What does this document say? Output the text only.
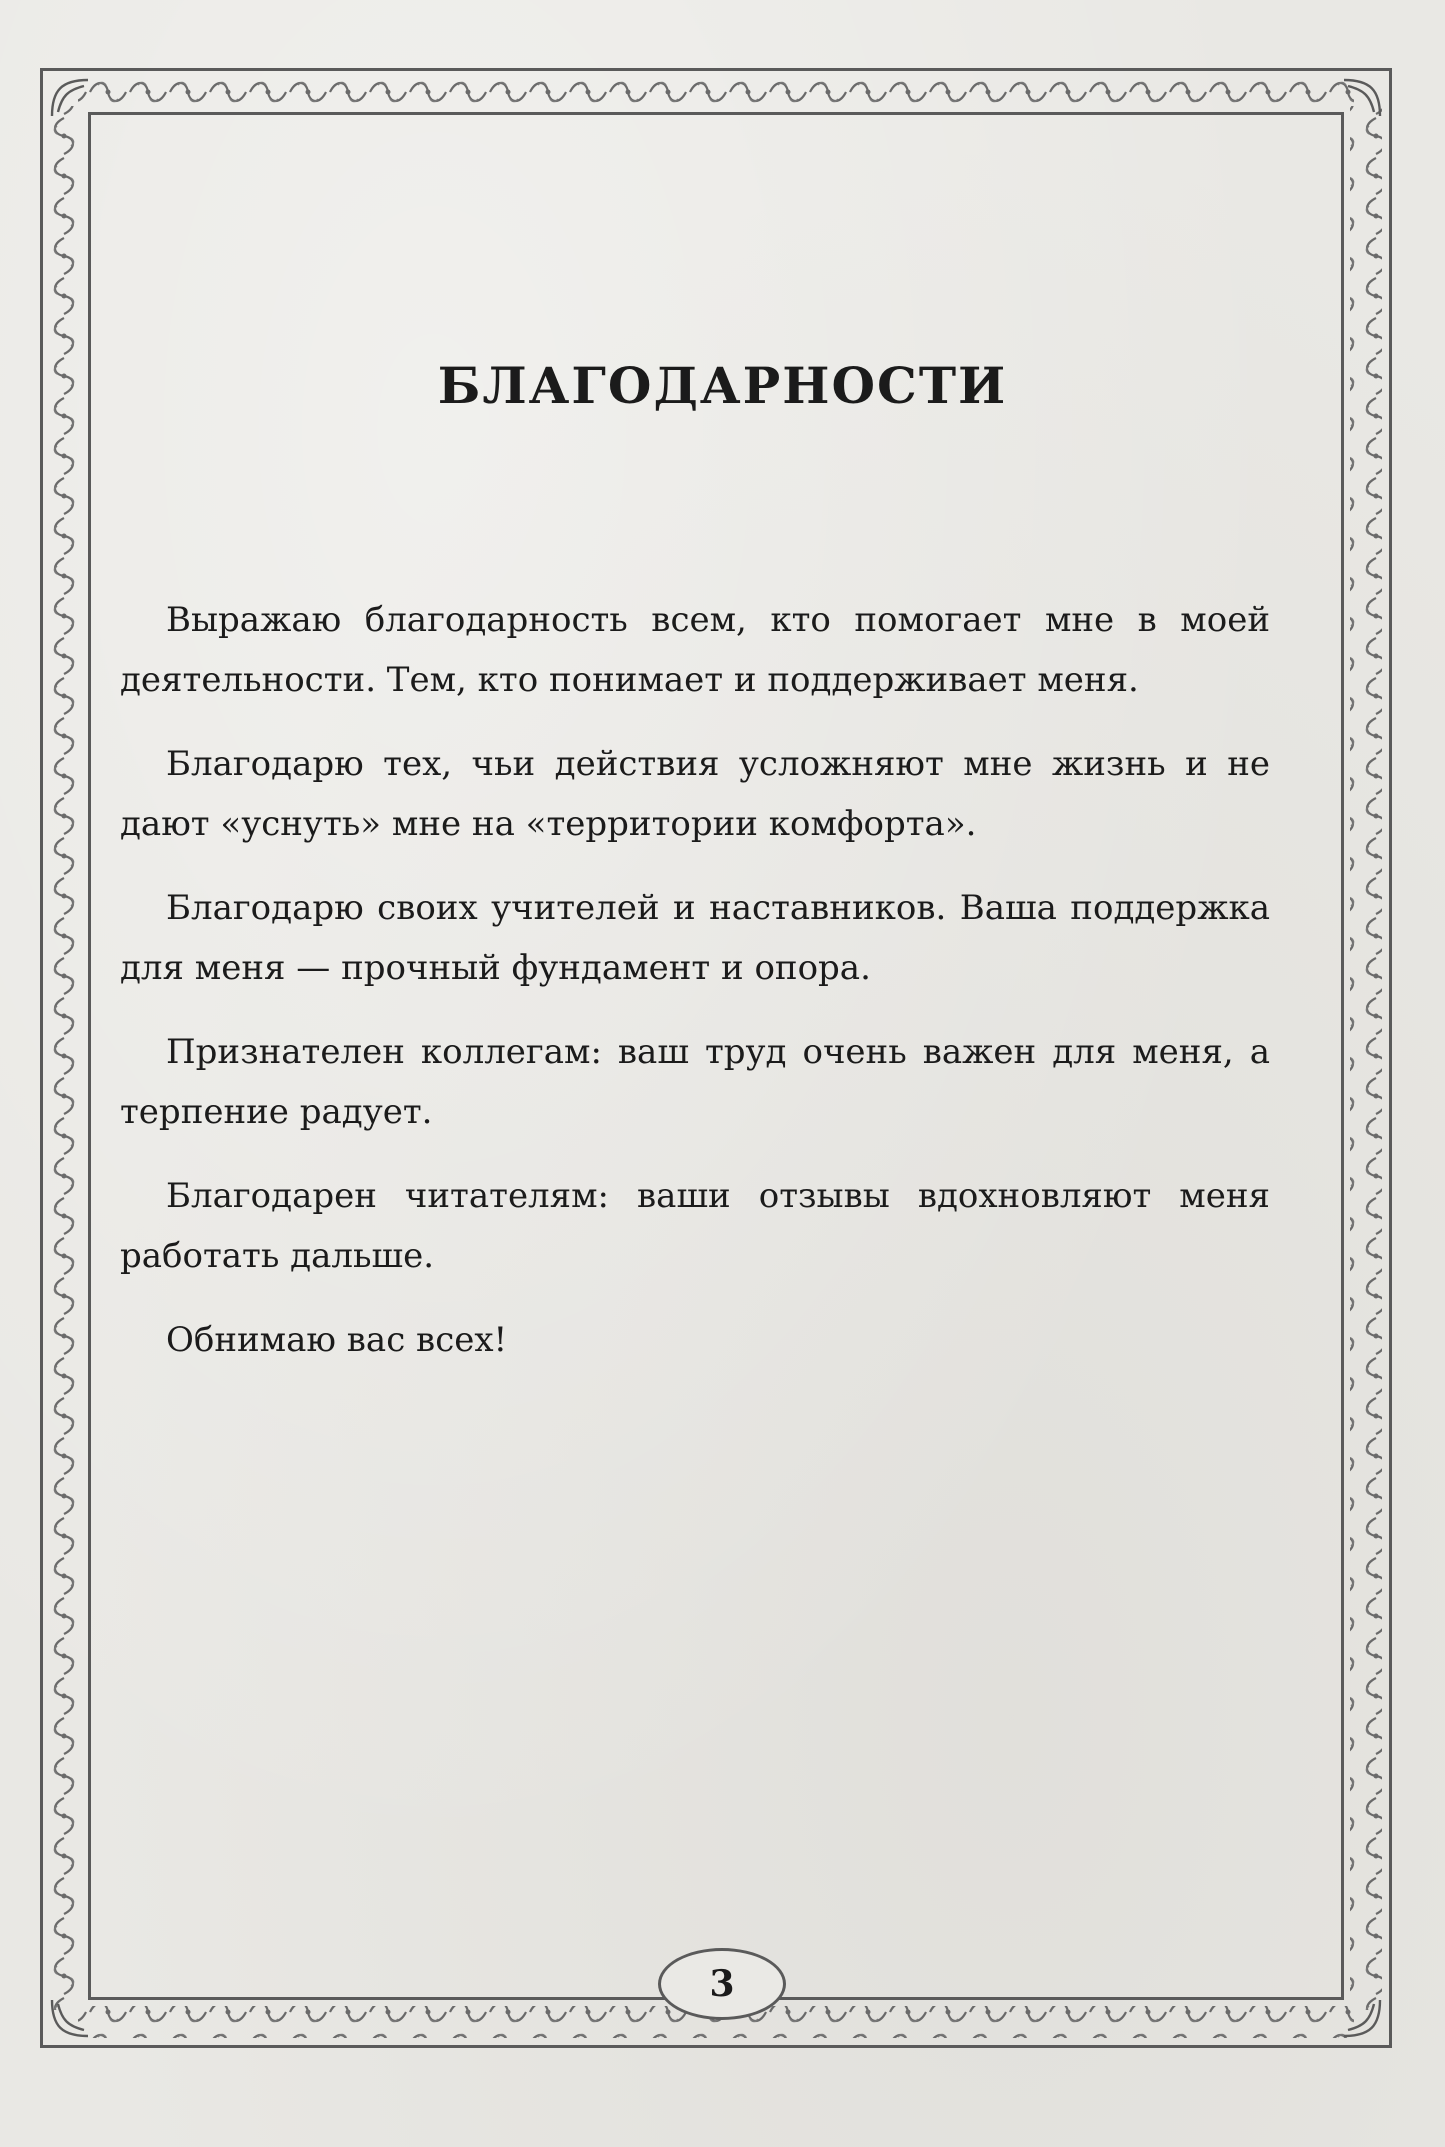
БЛАГОДАРНОСТИ

Выражаю благодарность всем, кто помогает мне в моей деятельности. Тем, кто понимает и поддерживает меня.

Благодарю тех, чьи действия усложняют мне жизнь и не дают «уснуть» мне на «территории комфорта».

Благодарю своих учителей и наставников. Ваша поддержка для меня — прочный фундамент и опора.

Признателен коллегам: ваш труд очень важен для меня, а терпение радует.

Благодарен читателям: ваши отзывы вдохновляют меня работать дальше.

Обнимаю вас всех!

3
